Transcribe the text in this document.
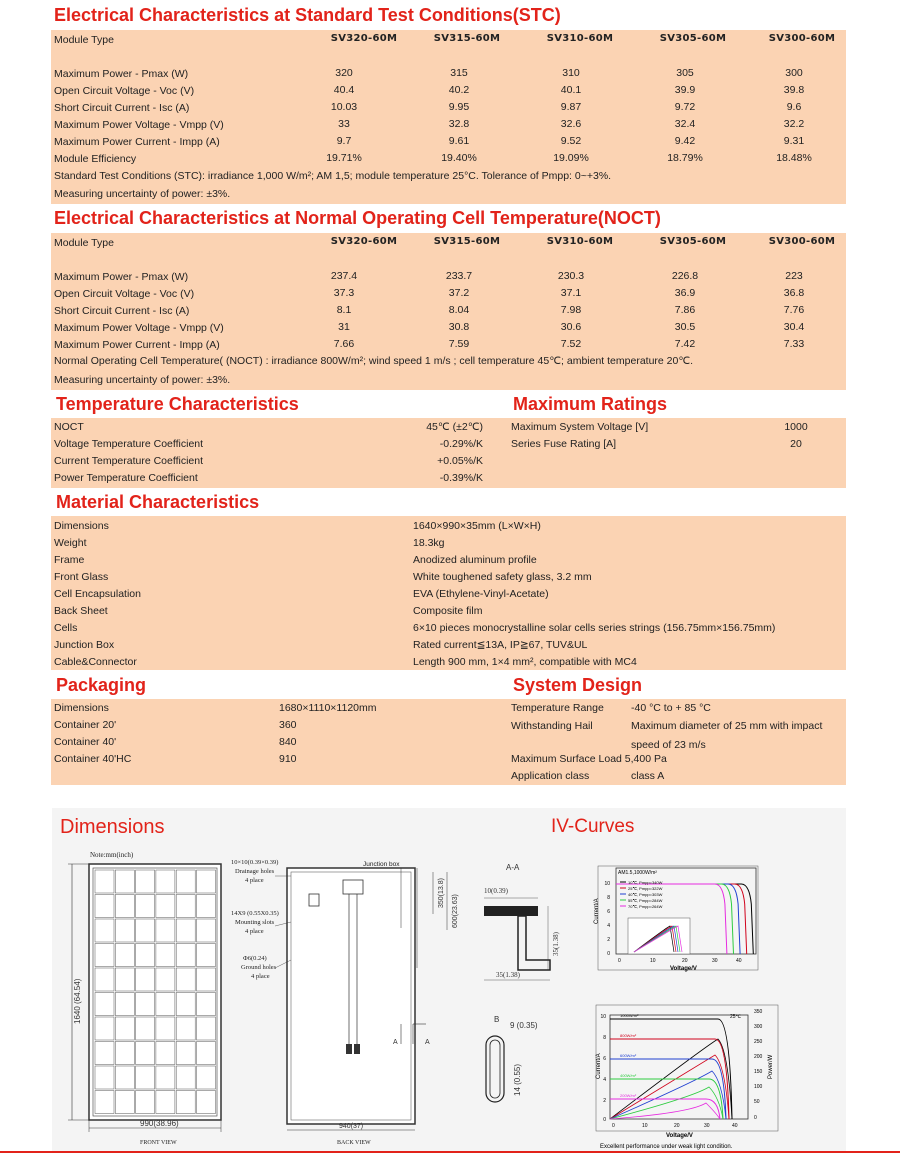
Electrical Characteristics at Standard Test Conditions(STC)
Module Type	SV320-60M	SV315-60M	SV310-60M	SV305-60M	SV300-60M
Maximum Power - Pmax (W)	320	315	310	305	300
Open Circuit Voltage - Voc (V)	40.4	40.2	40.1	39.9	39.8
Short Circuit Current - Isc (A)	10.03	9.95	9.87	9.72	9.6
Maximum Power Voltage - Vmpp (V)	33	32.8	32.6	32.4	32.2
Maximum Power Current - Impp (A)	9.7	9.61	9.52	9.42	9.31
Module Efficiency	19.71%	19.40%	19.09%	18.79%	18.48%
Standard Test Conditions (STC): irradiance 1,000 W/m²; AM 1,5; module temperature 25°C. Tolerance of Pmpp: 0~+3%.
Measuring uncertainty of power: ±3%.
Electrical Characteristics at Normal Operating Cell Temperature(NOCT)
Module Type	SV320-60M	SV315-60M	SV310-60M	SV305-60M	SV300-60M
Maximum Power - Pmax (W)	237.4	233.7	230.3	226.8	223
Open Circuit Voltage - Voc (V)	37.3	37.2	37.1	36.9	36.8
Short Circuit Current - Isc (A)	8.1	8.04	7.98	7.86	7.76
Maximum Power Voltage - Vmpp (V)	31	30.8	30.6	30.5	30.4
Maximum Power Current - Impp (A)	7.66	7.59	7.52	7.42	7.33
Normal Operating Cell Temperature( (NOCT) : irradiance 800W/m²; wind speed 1 m/s ; cell temperature 45℃; ambient temperature 20℃.
Measuring uncertainty of power: ±3%.
Temperature Characteristics	Maximum Ratings
NOCT	45℃ (±2℃)
Voltage Temperature Coefficient	-0.29%/K
Current Temperature Coefficient	+0.05%/K
Power Temperature Coefficient	-0.39%/K
Maximum System Voltage [V]	1000
Series Fuse Rating [A]	20
Material Characteristics
Dimensions	1640×990×35mm (L×W×H)
Weight	18.3kg
Frame	Anodized aluminum profile
Front Glass	White toughened safety glass, 3.2 mm
Cell Encapsulation	EVA (Ethylene-Vinyl-Acetate)
Back Sheet	Composite film
Cells	6×10 pieces monocrystalline solar cells series strings (156.75mm×156.75mm)
Junction Box	Rated current≦13A, IP≧67, TUV&UL
Cable&Connector	Length 900 mm, 1×4 mm², compatible with MC4
Packaging	System Design
Dimensions	1680×1110×1120mm
Container 20'	360
Container 40'	840
Container 40'HC	910
Temperature Range	-40 °C to + 85 °C
Withstanding Hail	Maximum diameter of 25 mm with impact
speed of 23 m/s
Maximum Surface Load 5,400 Pa
Application class	class A
Dimensions	IV-Curves
Note:mm(inch)
1640 (64.54)
990(38.96)
FRONT VIEW
10×10(0.39×0.39)
Drainage holes
4 place
14X9 (0.55X0.35)
Mounting slots
4 place
Φ6(0.24)
Ground holes
4 place
Junction box
350(13.8)
600(23.63)
A
A
940(37)
BACK VIEW
A-A
10(0.39)
35(1.38)
35(1.38)
B
9 (0.35)
14 (0.55)
AM1.5,1000W/m²
10℃, Pmpp=340W
25℃, Pmpp=322W
40℃, Pmpp=303W
55℃, Pmpp=284W
70℃, Pmpp=264W
10
8
6
4
2
0
0	10	20	30	40
Current/A
Voltage/V
25℃
1000W/m²
800W/m²
600W/m²
400W/m²
200W/m²
10
8
6
4
2
0
350
300
250
200
150
100
50
0
0	10	20	30	40
Current/A	Power/W
Voltage/V
Excellent performance under weak light condition.
